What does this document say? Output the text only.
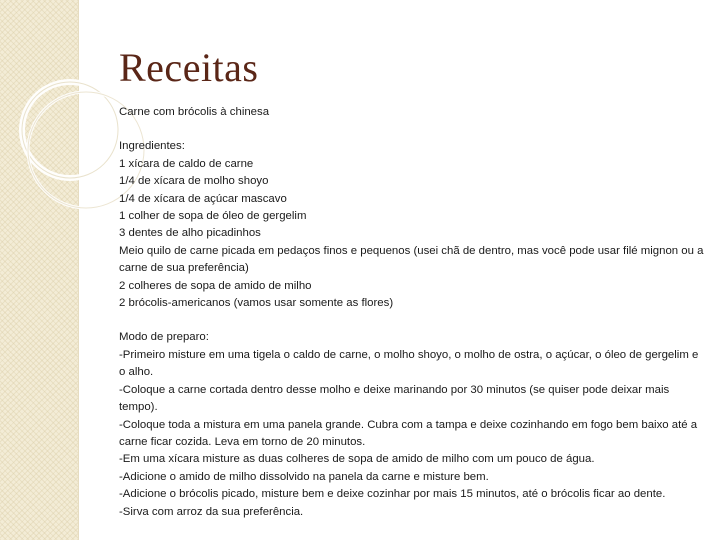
Receitas

Carne com brócolis à chinesa

Ingredientes:

1 xícara de caldo de carne

1/4 de xícara de molho shoyo

1/4 de xícara de açúcar mascavo

1 colher de sopa de óleo de gergelim

3 dentes de alho picadinhos

Meio quilo de carne picada em pedaços finos e pequenos (usei chã de dentro, mas você pode usar filé mignon ou a carne de sua preferência)

2 colheres de sopa de amido de milho

2 brócolis-americanos (vamos usar somente as flores)

Modo de preparo:

-Primeiro misture em uma tigela o caldo de carne, o molho shoyo, o molho de ostra, o açúcar, o óleo de gergelim e o alho.

-Coloque a carne cortada dentro desse molho e deixe marinando por 30 minutos (se quiser pode deixar mais tempo).

-Coloque toda a mistura em uma panela grande. Cubra com a tampa e deixe cozinhando em fogo bem baixo até a carne ficar cozida. Leva em torno de 20 minutos.

-Em uma xícara misture as duas colheres de sopa de amido de milho com um pouco de água.

-Adicione o amido de milho dissolvido na panela da carne e misture bem.

-Adicione o brócolis picado, misture bem e deixe cozinhar por mais 15 minutos, até o brócolis ficar ao dente.

-Sirva com arroz da sua preferência.
